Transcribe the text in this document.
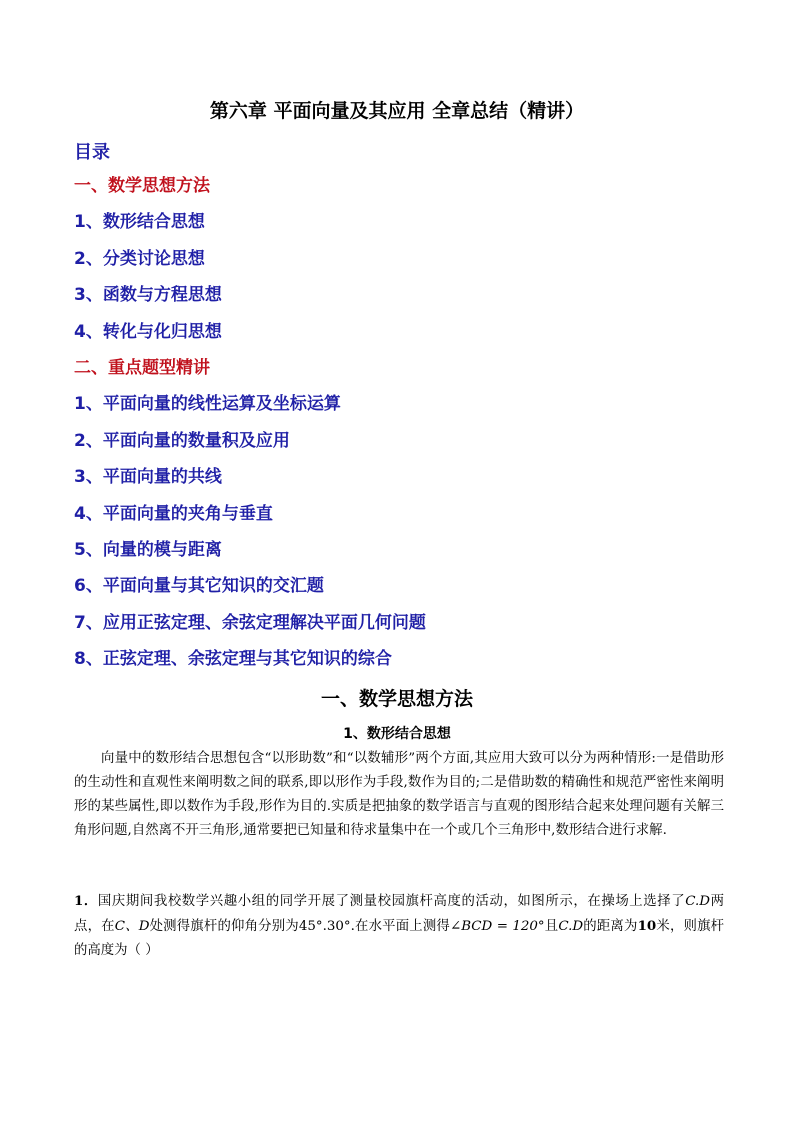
第六章 平面向量及其应用 全章总结（精讲）
目录
一、数学思想方法
1、数形结合思想
2、分类讨论思想
3、函数与方程思想
4、转化与化归思想
二、重点题型精讲
1、平面向量的线性运算及坐标运算
2、平面向量的数量积及应用
3、平面向量的共线
4、平面向量的夹角与垂直
5、向量的模与距离
6、平面向量与其它知识的交汇题
7、应用正弦定理、余弦定理解决平面几何问题
8、正弦定理、余弦定理与其它知识的综合
一、数学思想方法
1、数形结合思想

向量中的数形结合思想包含“以形助数”和“以数辅形”两个方面,其应用大致可以分为两种情形:一是借助形的生动性和直观性来阐明数之间的联系,即以形作为手段,数作为目的;二是借助数的精确性和规范严密性来阐明形的某些属性,即以数作为手段,形作为目的.实质是把抽象的数学语言与直观的图形结合起来处理问题有关解三角形问题,自然离不开三角形,通常要把已知量和待求量集中在一个或几个三角形中,数形结合进行求解.

1．国庆期间我校数学兴趣小组的同学开展了测量校园旗杆高度的活动，如图所示，在操场上选择了C.D两点，在C、D处测得旗杆的仰角分别为45°.30°.在水平面上测得∠BCD = 120°且C.D的距离为10米，则旗杆的高度为（ ）
